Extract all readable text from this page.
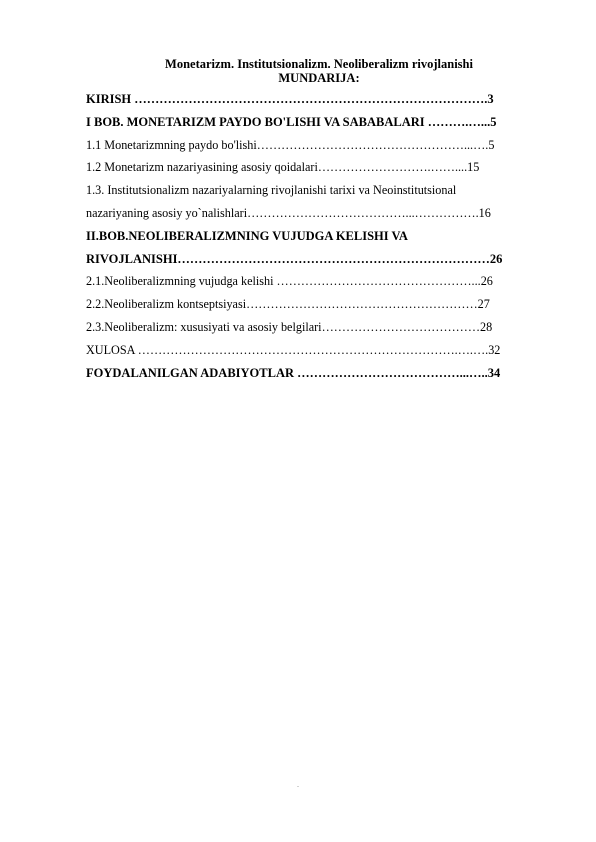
Monetarizm. Institutsionalizm. Neoliberalizm rivojlanishi
MUNDARIJA:
KIRISH ………………………………………………………………………….3
I BOB. MONETARIZM PAYDO BO'LISHI VA SABABALARI ……….…...5
1.1 Monetarizmning paydo bo'lishi……………………………………………...….5
1.2 Monetarizm nazariyasining asosiy qoidalari……………………….……....15
1.3. Institutsionalizm nazariyalarning rivojlanishi tarixi va Neoinstitutsional
nazariyaning asosiy yo`nalishlari…………………………………...…………….16
II.BOB.NEOLIBERALIZMNING VUJUDGA KELISHI VA
RIVOJLANISHI…………………………………………………………………26
2.1.Neoliberalizmning vujudga kelishi …………………………………………...26
2.2.Neoliberalizm kontseptsiyasi…………………………………………………27
2.3.Neoliberalizm: xususiyati va asosiy belgilari…………………………………28
XULOSA …………………………………………………………………….….….32
FOYDALANILGAN ADABIYOTLAR …………………………………...…..34
-
